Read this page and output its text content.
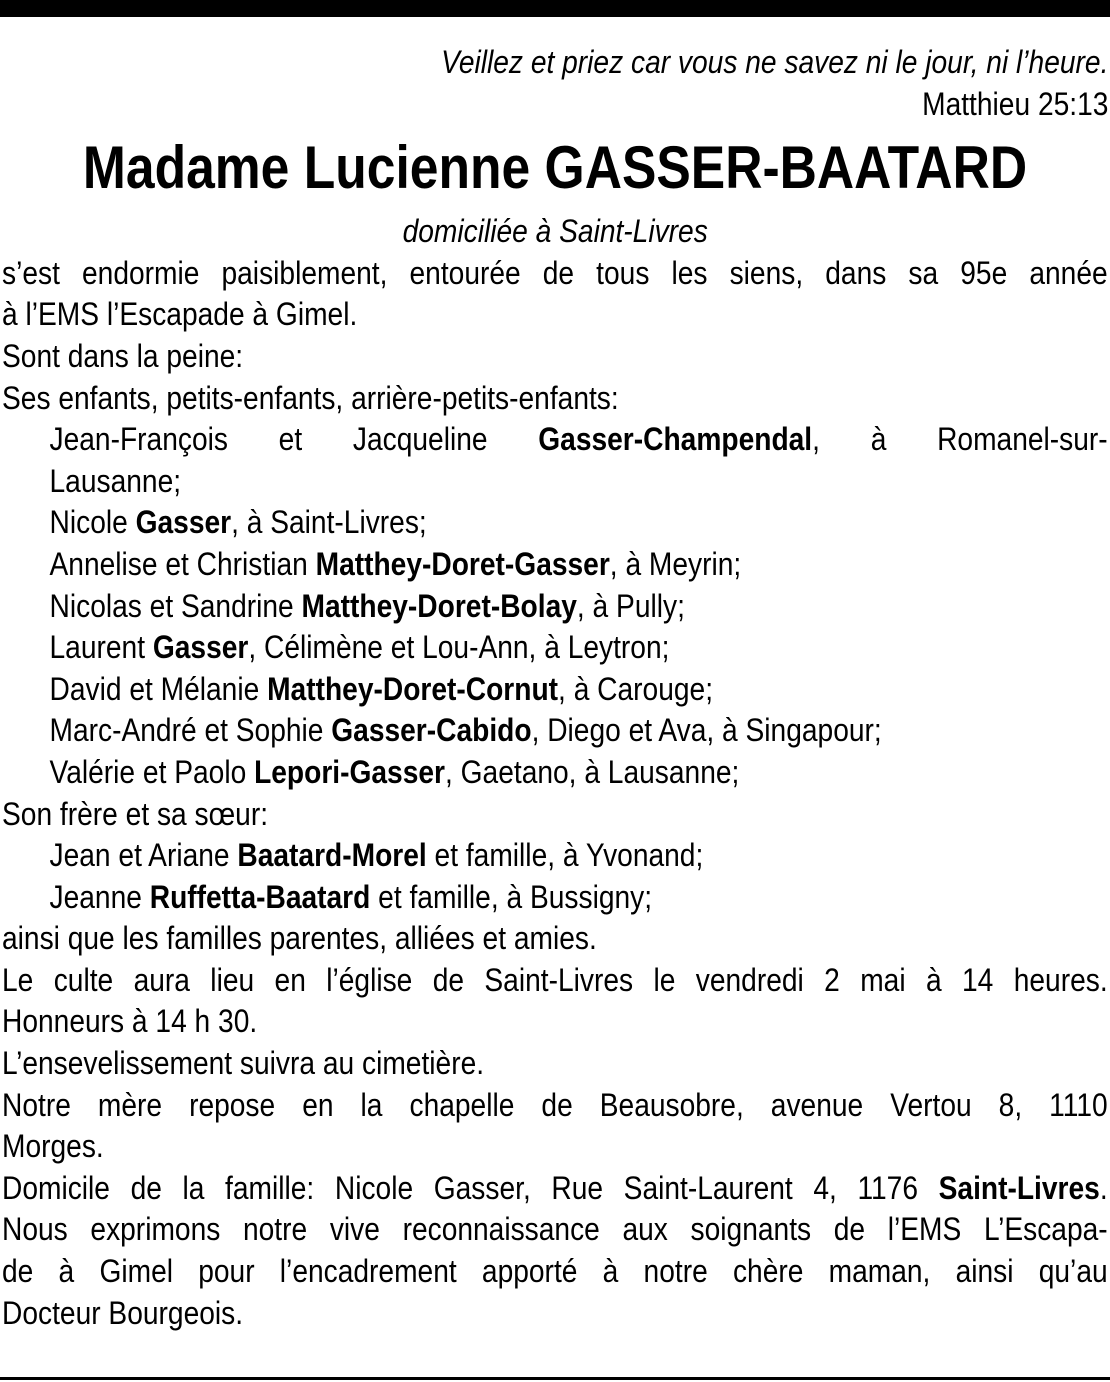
Veillez et priez car vous ne savez ni le jour, ni l’heure.
Matthieu 25:13
Madame Lucienne GASSER-BAATARD
domiciliée à Saint-Livres
s’est endormie paisiblement, entourée de tous les siens, dans sa 95e année
à l’EMS l’Escapade à Gimel.
Sont dans la peine:
Ses enfants, petits-enfants, arrière-petits-enfants:
Jean-François et Jacqueline Gasser-Champendal, à Romanel-sur-
Lausanne;
Nicole Gasser, à Saint-Livres;
Annelise et Christian Matthey-Doret-Gasser, à Meyrin;
Nicolas et Sandrine Matthey-Doret-Bolay, à Pully;
Laurent Gasser, Célimène et Lou-Ann, à Leytron;
David et Mélanie Matthey-Doret-Cornut, à Carouge;
Marc-André et Sophie Gasser-Cabido, Diego et Ava, à Singapour;
Valérie et Paolo Lepori-Gasser, Gaetano, à Lausanne;
Son frère et sa sœur:
Jean et Ariane Baatard-Morel et famille, à Yvonand;
Jeanne Ruffetta-Baatard et famille, à Bussigny;
ainsi que les familles parentes, alliées et amies.
Le culte aura lieu en l’église de Saint-Livres le vendredi 2 mai à 14 heures.
Honneurs à 14 h 30.
L’ensevelissement suivra au cimetière.
Notre mère repose en la chapelle de Beausobre, avenue Vertou 8, 1110
Morges.
Domicile de la famille: Nicole Gasser, Rue Saint-Laurent 4, 1176 Saint-Livres.
Nous exprimons notre vive reconnaissance aux soignants de l’EMS L’Escapa-
de à Gimel pour l’encadrement apporté à notre chère maman, ainsi qu’au
Docteur Bourgeois.
